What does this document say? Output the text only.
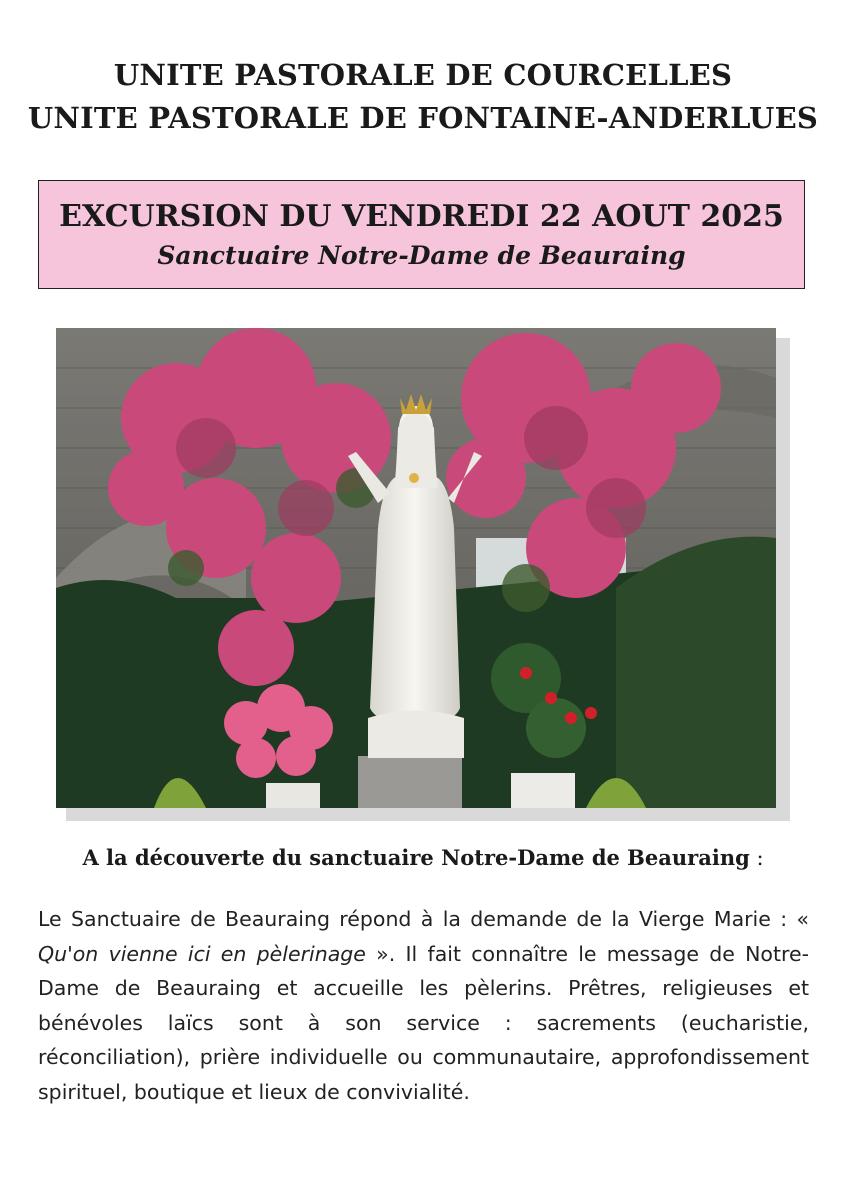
UNITE PASTORALE DE COURCELLES
UNITE PASTORALE DE FONTAINE-ANDERLUES
EXCURSION DU VENDREDI 22 AOUT 2025
Sanctuaire Notre-Dame de Beauraing
A la découverte du sanctuaire Notre-Dame de Beauraing :
Le Sanctuaire de Beauraing répond à la demande de la Vierge Marie : « Qu'on vienne ici en pèlerinage ». Il fait connaître le message de Notre-Dame de Beauraing et accueille les pèlerins. Prêtres, religieuses et bénévoles laïcs sont à son service : sacrements (eucharistie, réconciliation), prière individuelle ou communautaire, approfondissement spirituel, boutique et lieux de convivialité.
